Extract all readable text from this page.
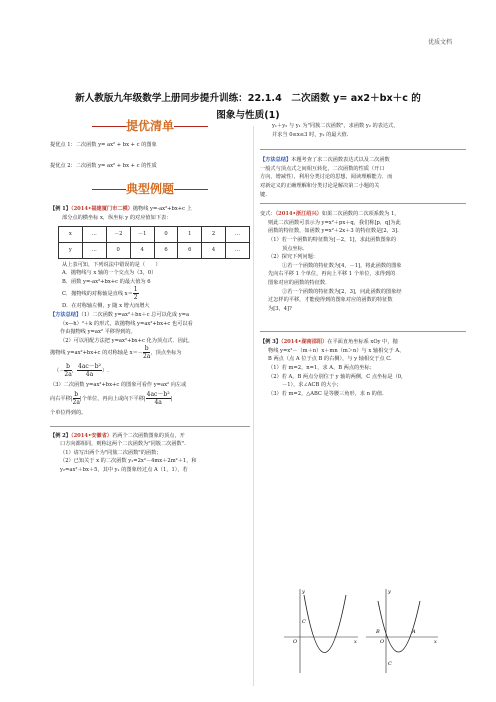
优质文档
新人教版九年级数学上册同步提升训练：22.1.4　二次函数 y= ax2＋bx＋c 的
图象与性质(1)
提优清单

提优点 1：二次函数 y= ax² + bx + c 的图象

提优点 2：二次函数 y= ax² + bx + c 的性质

典型例题

【例 1】（2014•福建厦门市二模）抛物线 y=-ax²+bx+c 上

部分点的横坐标 x，纵坐标 y 的对应值如下表：

x	…	－2	－1	0	1	2	…
y	…	0	4	6	6	4	…

从上表可知，下列说法中错误的是（　　）

A．抛物线与 x 轴的一个交点为（3，0）

B．函数 y=-ax²+bx+c 的最大值为 6

C．抛物线的对称轴是直线 $x= \frac{1}{2}$

D．在对称轴左侧，y 随 x 增大而增大

【方法总结】（1）二次函数 y=ax²＋bx＋c 总可以化成 y=a

（x—h）²＋k 的形式，故抛物线 y=ax²+bx+c 也可以看

作由抛物线 y=ax² 平移得到的。

（2）可以用配方法把 y=ax²+bx+c 化为顶点式．因此，

抛物线 y=ax²+bx+c 的对称轴是 $x=- \frac{b}{2a}$ ，顶点坐标为

（－ $\frac{b}{2a}$ ， $\frac{\text{4ac－b²}}{4a}$ ）.

（3）二次函数 y=ax²+bx+c 的图象可看作 y=ax² 向左或

向右平移| $\frac{b}{2a}$ |个单位，再向上或向下平移| $\frac{\text{4ac－b²}}{4a}$ |

个单位得到的。

【例 2】（2014•安徽省）若两个二次函数图象的顶点，开

口方向都相同，则称这两个二次函数为"同簇二次函数".

（1）请写出两个为"同簇二次函数"的函数；

（2）已知关于 x 的二次函数 y₁=2x²－4mx＋2m²＋1，和

y₂=ax²＋bx＋5，其中 y₁ 的图象经过点 A（1，1），若

y₁＋y₂ 与 y₁ 为"同簇二次函数"，求函数 y₂ 的表达式，

并求当 0≤x≤3 时，y₂ 的最大值.

【方法总结】本题考查了求二次函数表达式以及二次函数

一般式与顶点式之间相互转化，二次函数的性质（开口

方向、增减性），利用分类讨论的思想，阅读理解能力．而

对新定义的正确理解和分类讨论是解决第二小题的关

键.

变式：（2014•浙江绍兴）如果二次函数的二次项系数为 1，

则此二次函数可表示为 y=x²＋px＋q，我们称[p，q]为此

函数的特征数，如函数 y=x²＋2x＋3 的特征数是[2，3].

（1）若一个函数的特征数为[－2，1]，求此函数图象的

顶点坐标．

（2）探究下列问题：

①若一个函数的特征数为[4，－1]，将此函数的图象

先向右平移 1 个单位，再向上平移 1 个单位，求得到的

图象对应的函数的特征数．

②若一个函数的特征数为[2，3]，问此函数的图象经

过怎样的平移，才能使得到的图象对应的函数的特征数

为[3，4]?

【例 3】（2014•湖南邵阳）在平面直角坐标系 xOy 中，抛

物线 y=x²－（m＋n）x＋mn（m＞n）与 x 轴相交于 A、

B 两点（点 A 位于点 B 的右侧），与 y 轴相交于点 C.

（1）若 m=2，n=1，求 A、B 两点的坐标；

（2）若 A，B 两点分别位于 y 轴的两侧，C 点坐标是（0，

－1），求∠ACB 的大小；

（3）若 m=2，△ABC 是等腰三角形，求 n 的值.

y
x
O
C
y
x
O
C
B	A
